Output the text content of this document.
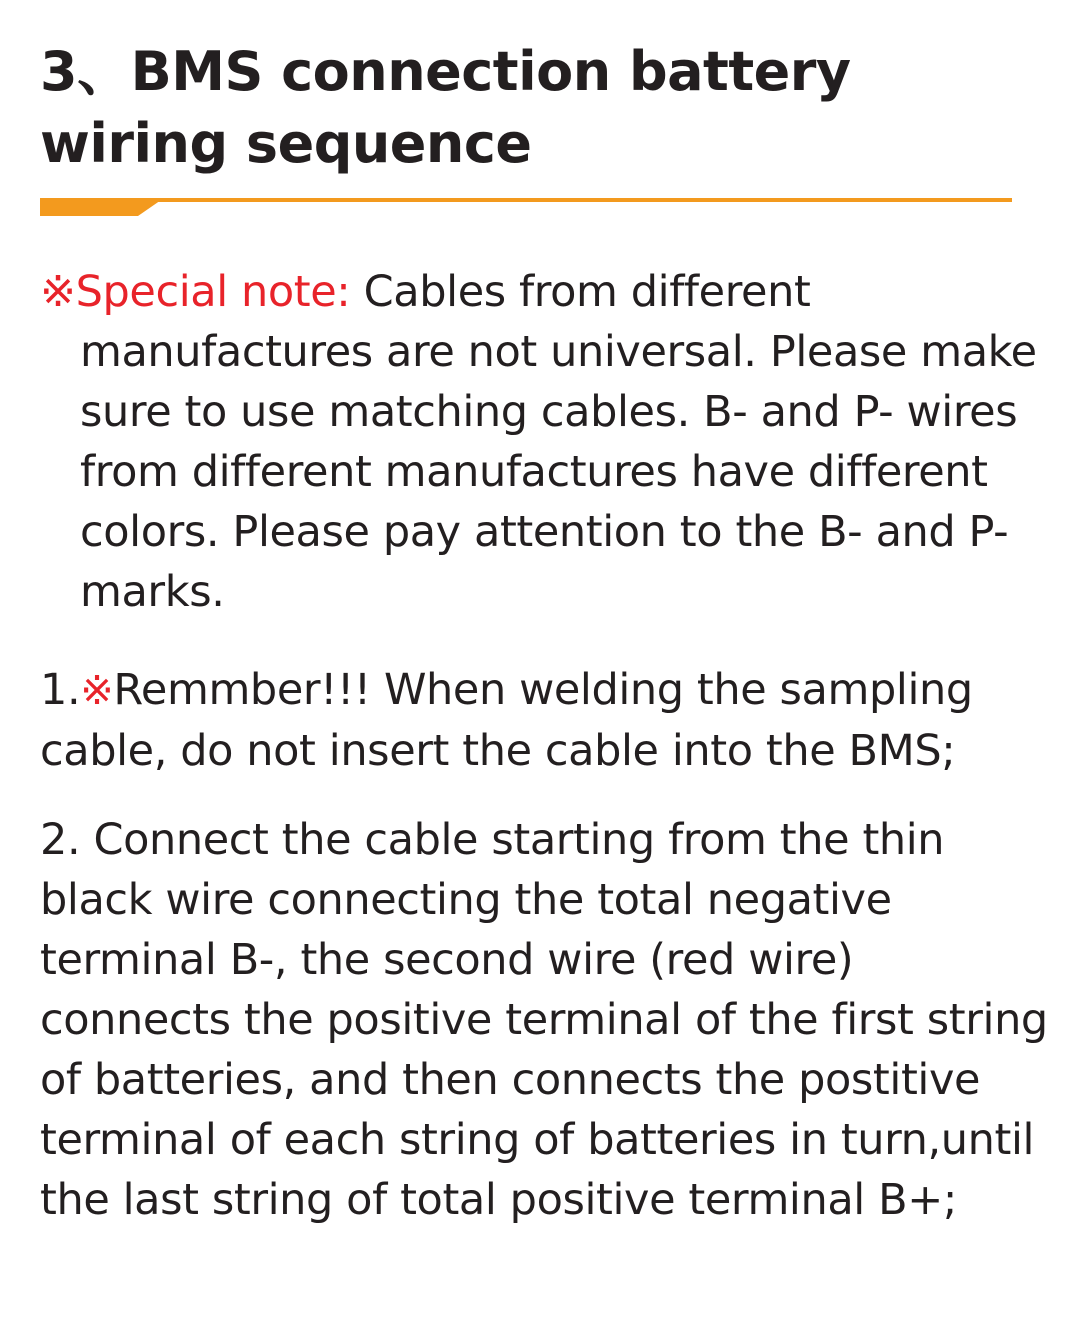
3、BMS connection battery wiring sequence

※Special note: Cables from different manufactures are not universal. Please make sure to use matching cables. B- and P- wires from different manufactures have different colors. Please pay attention to the B- and P- marks.

1.※Remmber!!! When welding the sampling cable, do not insert the cable into the BMS;

2. Connect the cable starting from the thin black wire connecting the total negative terminal B-, the second wire (red wire) connects the positive terminal of the first string of batteries, and then connects the postitive terminal of each string of batteries in turn,until the last string of total positive terminal B+;
